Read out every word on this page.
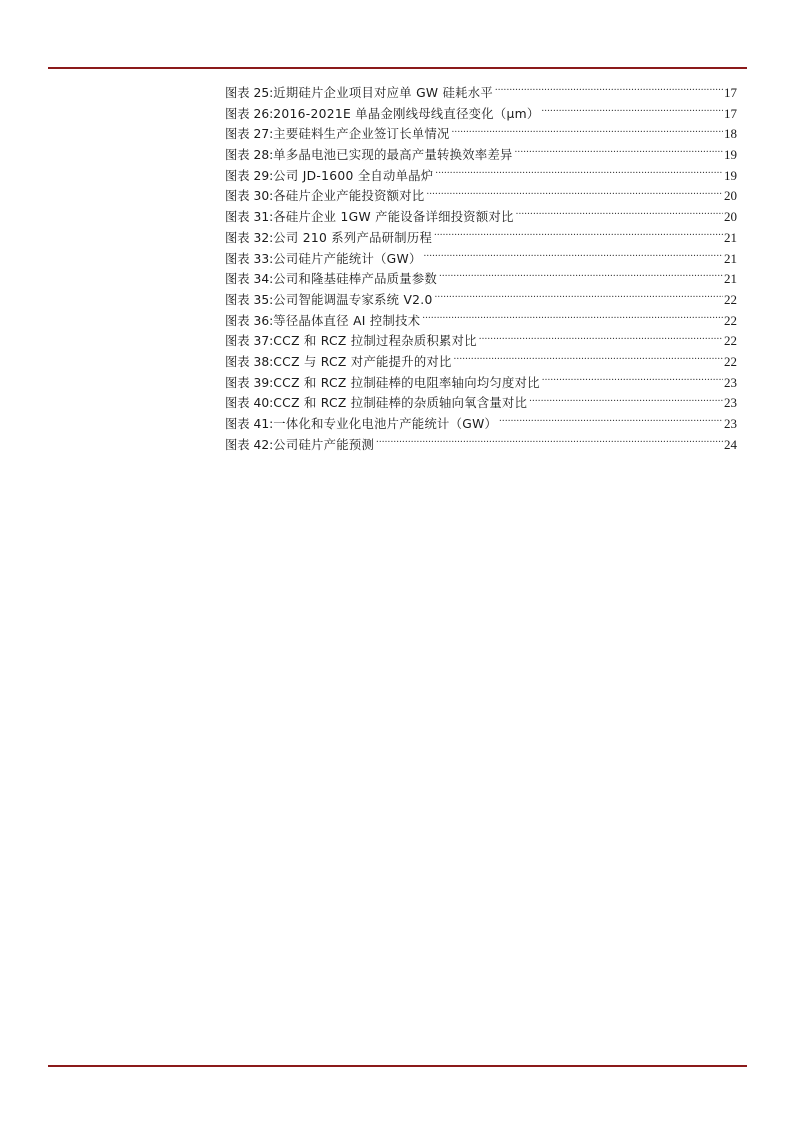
图表 25: 近期硅片企业项目对应单 GW 硅耗水平 .....	17
图表 26: 2016-2021E 单晶金刚线母线直径变化（μm） .....	17
图表 27: 主要硅料生产企业签订长单情况 .....	18
图表 28: 单多晶电池已实现的最高产量转换效率差异 .....	19
图表 29: 公司 JD-1600 全自动单晶炉 .....	19
图表 30: 各硅片企业产能投资额对比 .....	20
图表 31: 各硅片企业 1GW 产能设备详细投资额对比 .....	20
图表 32: 公司 210 系列产品研制历程 .....	21
图表 33: 公司硅片产能统计（GW） .....	21
图表 34: 公司和隆基硅棒产品质量参数 .....	21
图表 35: 公司智能调温专家系统 V2.0 .....	22
图表 36: 等径晶体直径 AI 控制技术 .....	22
图表 37: CCZ 和 RCZ 拉制过程杂质积累对比 .....	22
图表 38: CCZ 与 RCZ 对产能提升的对比 .....	22
图表 39: CCZ 和 RCZ 拉制硅棒的电阻率轴向均匀度对比 .....	23
图表 40: CCZ 和 RCZ 拉制硅棒的杂质轴向氧含量对比 .....	23
图表 41: 一体化和专业化电池片产能统计（GW） .....	23
图表 42: 公司硅片产能预测 .....	24
